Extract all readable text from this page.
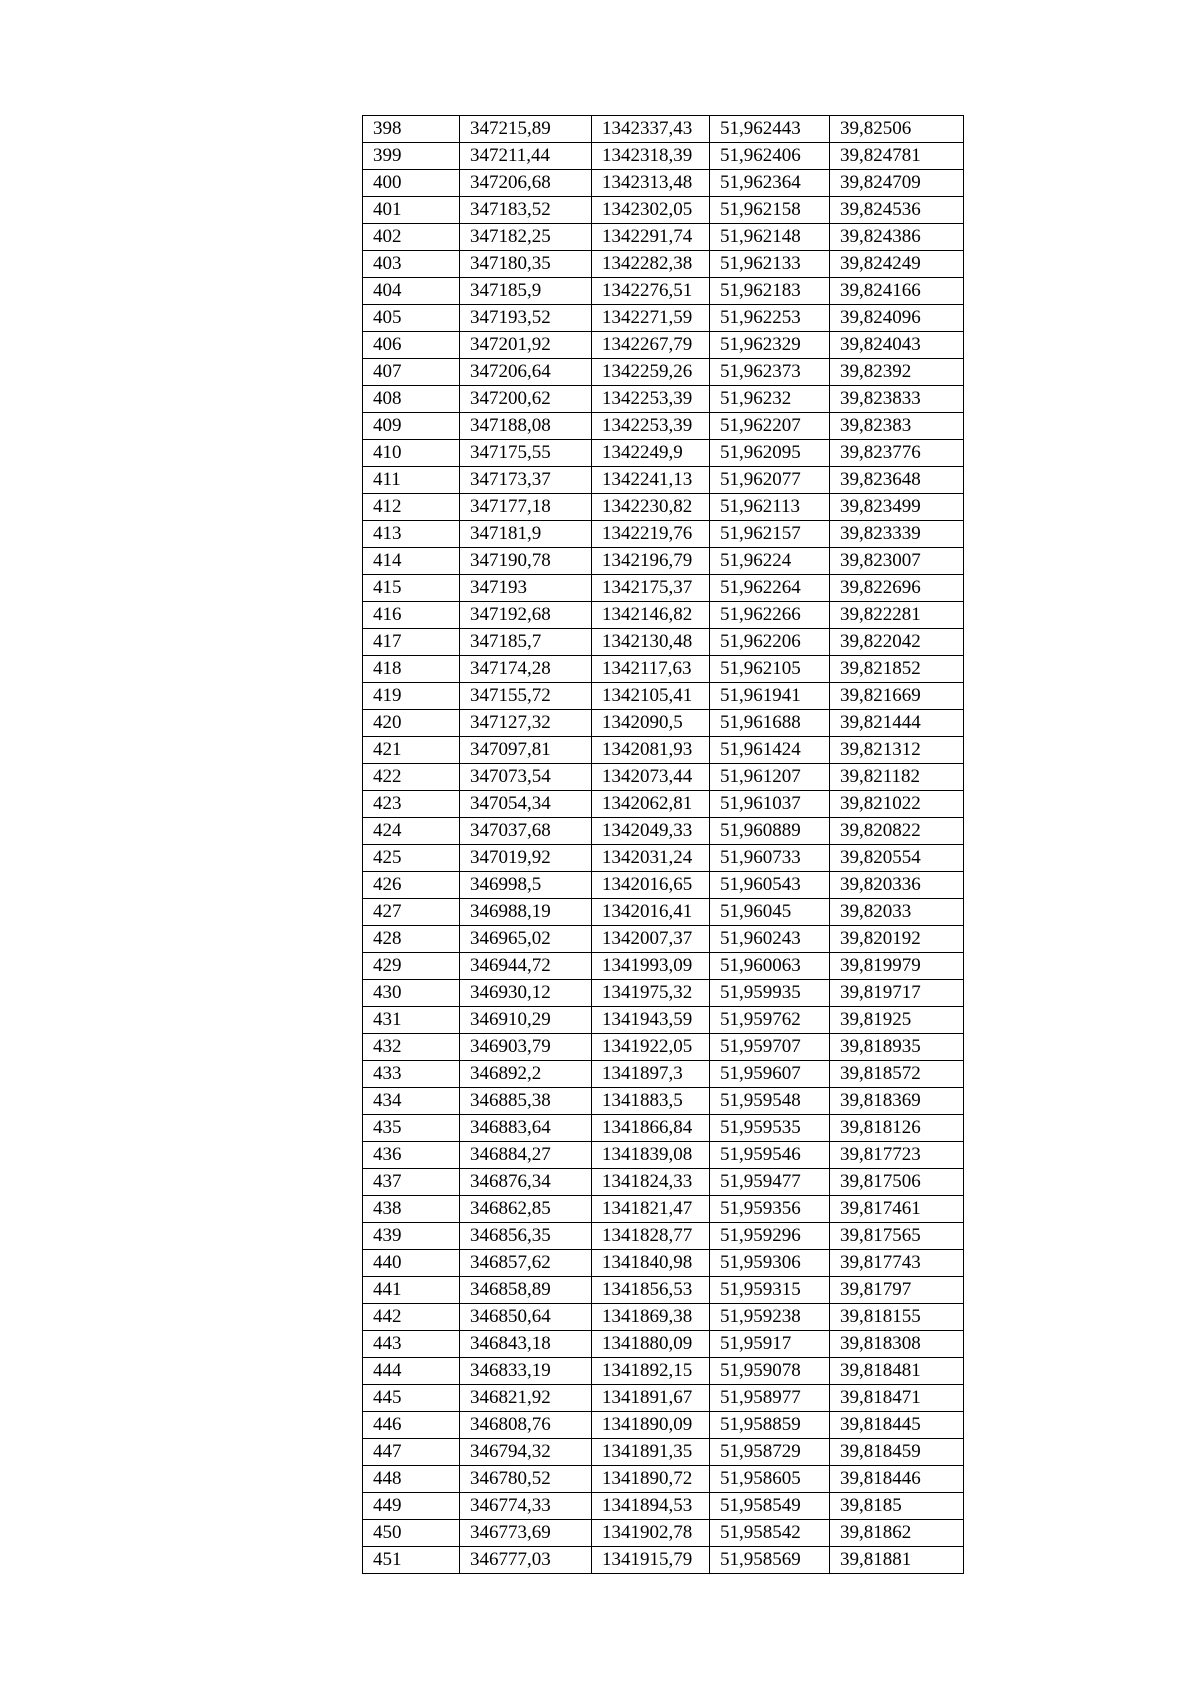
398	347215,89	1342337,43	51,962443	39,82506
399	347211,44	1342318,39	51,962406	39,824781
400	347206,68	1342313,48	51,962364	39,824709
401	347183,52	1342302,05	51,962158	39,824536
402	347182,25	1342291,74	51,962148	39,824386
403	347180,35	1342282,38	51,962133	39,824249
404	347185,9	1342276,51	51,962183	39,824166
405	347193,52	1342271,59	51,962253	39,824096
406	347201,92	1342267,79	51,962329	39,824043
407	347206,64	1342259,26	51,962373	39,82392
408	347200,62	1342253,39	51,96232	39,823833
409	347188,08	1342253,39	51,962207	39,82383
410	347175,55	1342249,9	51,962095	39,823776
411	347173,37	1342241,13	51,962077	39,823648
412	347177,18	1342230,82	51,962113	39,823499
413	347181,9	1342219,76	51,962157	39,823339
414	347190,78	1342196,79	51,96224	39,823007
415	347193	1342175,37	51,962264	39,822696
416	347192,68	1342146,82	51,962266	39,822281
417	347185,7	1342130,48	51,962206	39,822042
418	347174,28	1342117,63	51,962105	39,821852
419	347155,72	1342105,41	51,961941	39,821669
420	347127,32	1342090,5	51,961688	39,821444
421	347097,81	1342081,93	51,961424	39,821312
422	347073,54	1342073,44	51,961207	39,821182
423	347054,34	1342062,81	51,961037	39,821022
424	347037,68	1342049,33	51,960889	39,820822
425	347019,92	1342031,24	51,960733	39,820554
426	346998,5	1342016,65	51,960543	39,820336
427	346988,19	1342016,41	51,96045	39,82033
428	346965,02	1342007,37	51,960243	39,820192
429	346944,72	1341993,09	51,960063	39,819979
430	346930,12	1341975,32	51,959935	39,819717
431	346910,29	1341943,59	51,959762	39,81925
432	346903,79	1341922,05	51,959707	39,818935
433	346892,2	1341897,3	51,959607	39,818572
434	346885,38	1341883,5	51,959548	39,818369
435	346883,64	1341866,84	51,959535	39,818126
436	346884,27	1341839,08	51,959546	39,817723
437	346876,34	1341824,33	51,959477	39,817506
438	346862,85	1341821,47	51,959356	39,817461
439	346856,35	1341828,77	51,959296	39,817565
440	346857,62	1341840,98	51,959306	39,817743
441	346858,89	1341856,53	51,959315	39,81797
442	346850,64	1341869,38	51,959238	39,818155
443	346843,18	1341880,09	51,95917	39,818308
444	346833,19	1341892,15	51,959078	39,818481
445	346821,92	1341891,67	51,958977	39,818471
446	346808,76	1341890,09	51,958859	39,818445
447	346794,32	1341891,35	51,958729	39,818459
448	346780,52	1341890,72	51,958605	39,818446
449	346774,33	1341894,53	51,958549	39,8185
450	346773,69	1341902,78	51,958542	39,81862
451	346777,03	1341915,79	51,958569	39,81881
